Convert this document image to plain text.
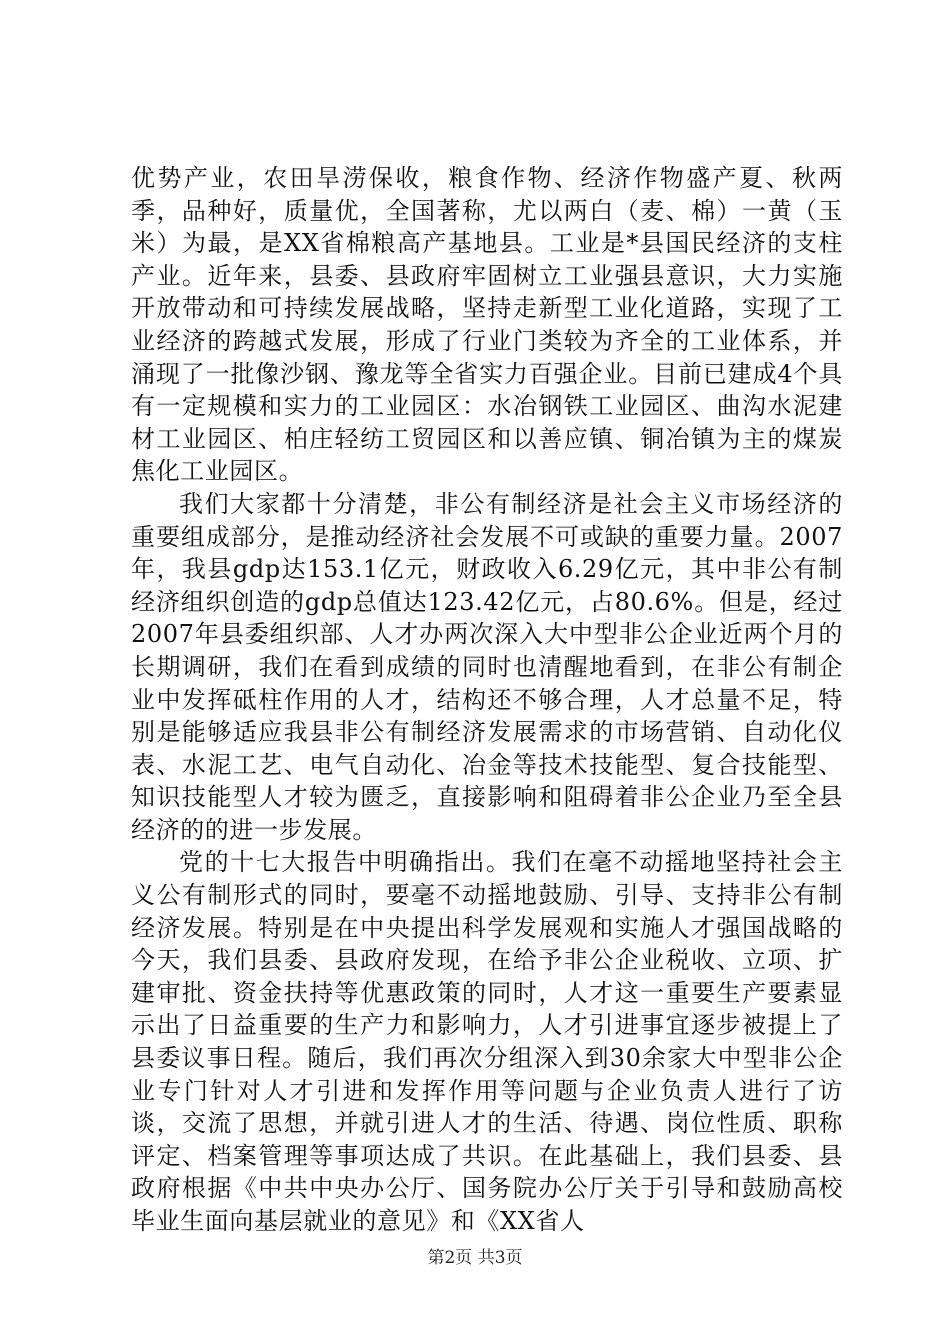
优势产业，农田旱涝保收，粮食作物、经济作物盛产夏、秋两季，品种好，质量优，全国著称，尤以两白（麦、棉）一黄（玉米）为最，是XX省棉粮高产基地县。工业是*县国民经济的支柱产业。近年来，县委、县政府牢固树立工业强县意识，大力实施开放带动和可持续发展战略，坚持走新型工业化道路，实现了工业经济的跨越式发展，形成了行业门类较为齐全的工业体系，并涌现了一批像沙钢、豫龙等全省实力百强企业。目前已建成4个具有一定规模和实力的工业园区：水冶钢铁工业园区、曲沟水泥建材工业园区、柏庄轻纺工贸园区和以善应镇、铜冶镇为主的煤炭焦化工业园区。

我们大家都十分清楚，非公有制经济是社会主义市场经济的重要组成部分，是推动经济社会发展不可或缺的重要力量。2007年，我县gdp达153.1亿元，财政收入6.29亿元，其中非公有制经济组织创造的gdp总值达123.42亿元，占80.6%。但是，经过2007年县委组织部、人才办两次深入大中型非公企业近两个月的长期调研，我们在看到成绩的同时也清醒地看到，在非公有制企业中发挥砥柱作用的人才，结构还不够合理，人才总量不足，特别是能够适应我县非公有制经济发展需求的市场营销、自动化仪表、水泥工艺、电气自动化、冶金等技术技能型、复合技能型、知识技能型人才较为匮乏，直接影响和阻碍着非公企业乃至全县经济的的进一步发展。

党的十七大报告中明确指出。我们在毫不动摇地坚持社会主义公有制形式的同时，要毫不动摇地鼓励、引导、支持非公有制经济发展。特别是在中央提出科学发展观和实施人才强国战略的今天，我们县委、县政府发现，在给予非公企业税收、立项、扩建审批、资金扶持等优惠政策的同时，人才这一重要生产要素显示出了日益重要的生产力和影响力，人才引进事宜逐步被提上了县委议事日程。随后，我们再次分组深入到30余家大中型非公企业专门针对人才引进和发挥作用等问题与企业负责人进行了访谈，交流了思想，并就引进人才的生活、待遇、岗位性质、职称评定、档案管理等事项达成了共识。在此基础上，我们县委、县政府根据《中共中央办公厅、国务院办公厅关于引导和鼓励高校毕业生面向基层就业的意见》和《XX省人

第2页 共3页
